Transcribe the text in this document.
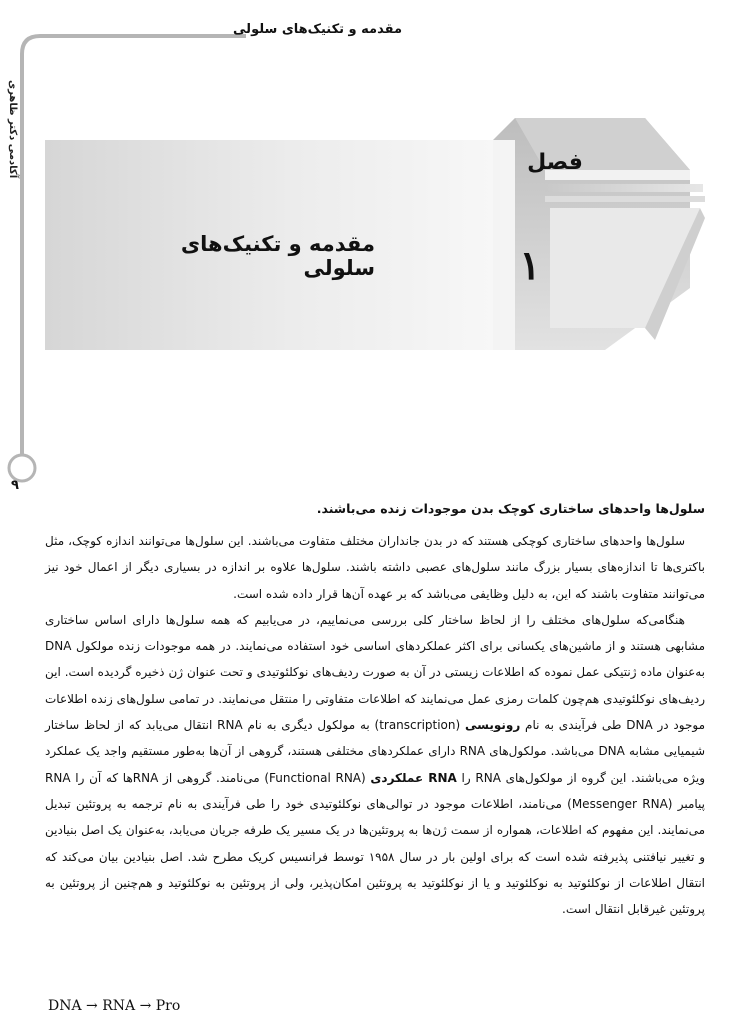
مقدمه و تکنیک‌های سلولی
آکادمی دکتر ظاهری
۹
فصل
۱
مقدمه و تکنیک‌های سلولی

سلول‌ها واحدهای ساختاری کوچک بدن موجودات زنده می‌باشند.

سلول‌ها واحدهای ساختاری کوچکی هستند که در بدن جانداران مختلف متفاوت می‌باشند. این سلول‌ها می‌توانند اندازه کوچک، مثل باکتری‌ها تا اندازه‌های بسیار بزرگ مانند سلول‌های عصبی داشته باشند. سلول‌ها علاوه بر اندازه در بسیاری دیگر از اعمال خود نیز می‌توانند متفاوت باشند که این، به دلیل وظایفی می‌باشد که بر عهده آن‌ها قرار داده شده است.

هنگامی‌که سلول‌های مختلف را از لحاظ ساختار کلی بررسی می‌نماییم، در می‌یابیم که همه سلول‌ها دارای اساس ساختاری مشابهی هستند و از ماشین‌های یکسانی برای اکثر عملکردهای اساسی خود استفاده می‌نمایند. در همه موجودات زنده مولکول DNA به‌عنوان ماده ژنتیکی عمل نموده که اطلاعات زیستی در آن به صورت ردیف‌های نوکلئوتیدی و تحت عنوان ژن ذخیره گردیده است. این ردیف‌های نوکلئوتیدی هم‌چون کلمات رمزی عمل می‌نمایند که اطلاعات متفاوتی را منتقل می‌نمایند. در تمامی سلول‌های زنده اطلاعات موجود در DNA طی فرآیندی به نام رونویسی (transcription) به مولکول دیگری به نام RNA انتقال می‌یابد که از لحاظ ساختار شیمیایی مشابه DNA می‌باشد. مولکول‌های RNA دارای عملکردهای مختلفی هستند، گروهی از آن‌ها به‌طور مستقیم واجد یک عملکرد ویژه می‌باشند. این گروه از مولکول‌های RNA را RNA عملکردی (Functional RNA) می‌نامند. گروهی از RNAها که آن را RNA پیامبر (Messenger RNA) می‌نامند، اطلاعات موجود در توالی‌های نوکلئوتیدی خود را طی فرآیندی به نام ترجمه به پروتئین تبدیل می‌نمایند. این مفهوم که اطلاعات، همواره از سمت ژن‌ها به پروتئین‌ها در یک مسیر یک طرفه جریان می‌یابد، به‌عنوان یک اصل بنیادین و تغییر نیافتنی پذیرفته شده است که برای اولین بار در سال ۱۹۵۸ توسط فرانسیس کریک مطرح شد. اصل بنیادین بیان می‌کند که انتقال اطلاعات از نوکلئوتید به نوکلئوتید و یا از نوکلئوتید به پروتئین امکان‌پذیر، ولی از پروتئین به نوکلئوتید و هم‌چنین از پروتئین به پروتئین غیرقابل انتقال است.

DNA → RNA → Pro
